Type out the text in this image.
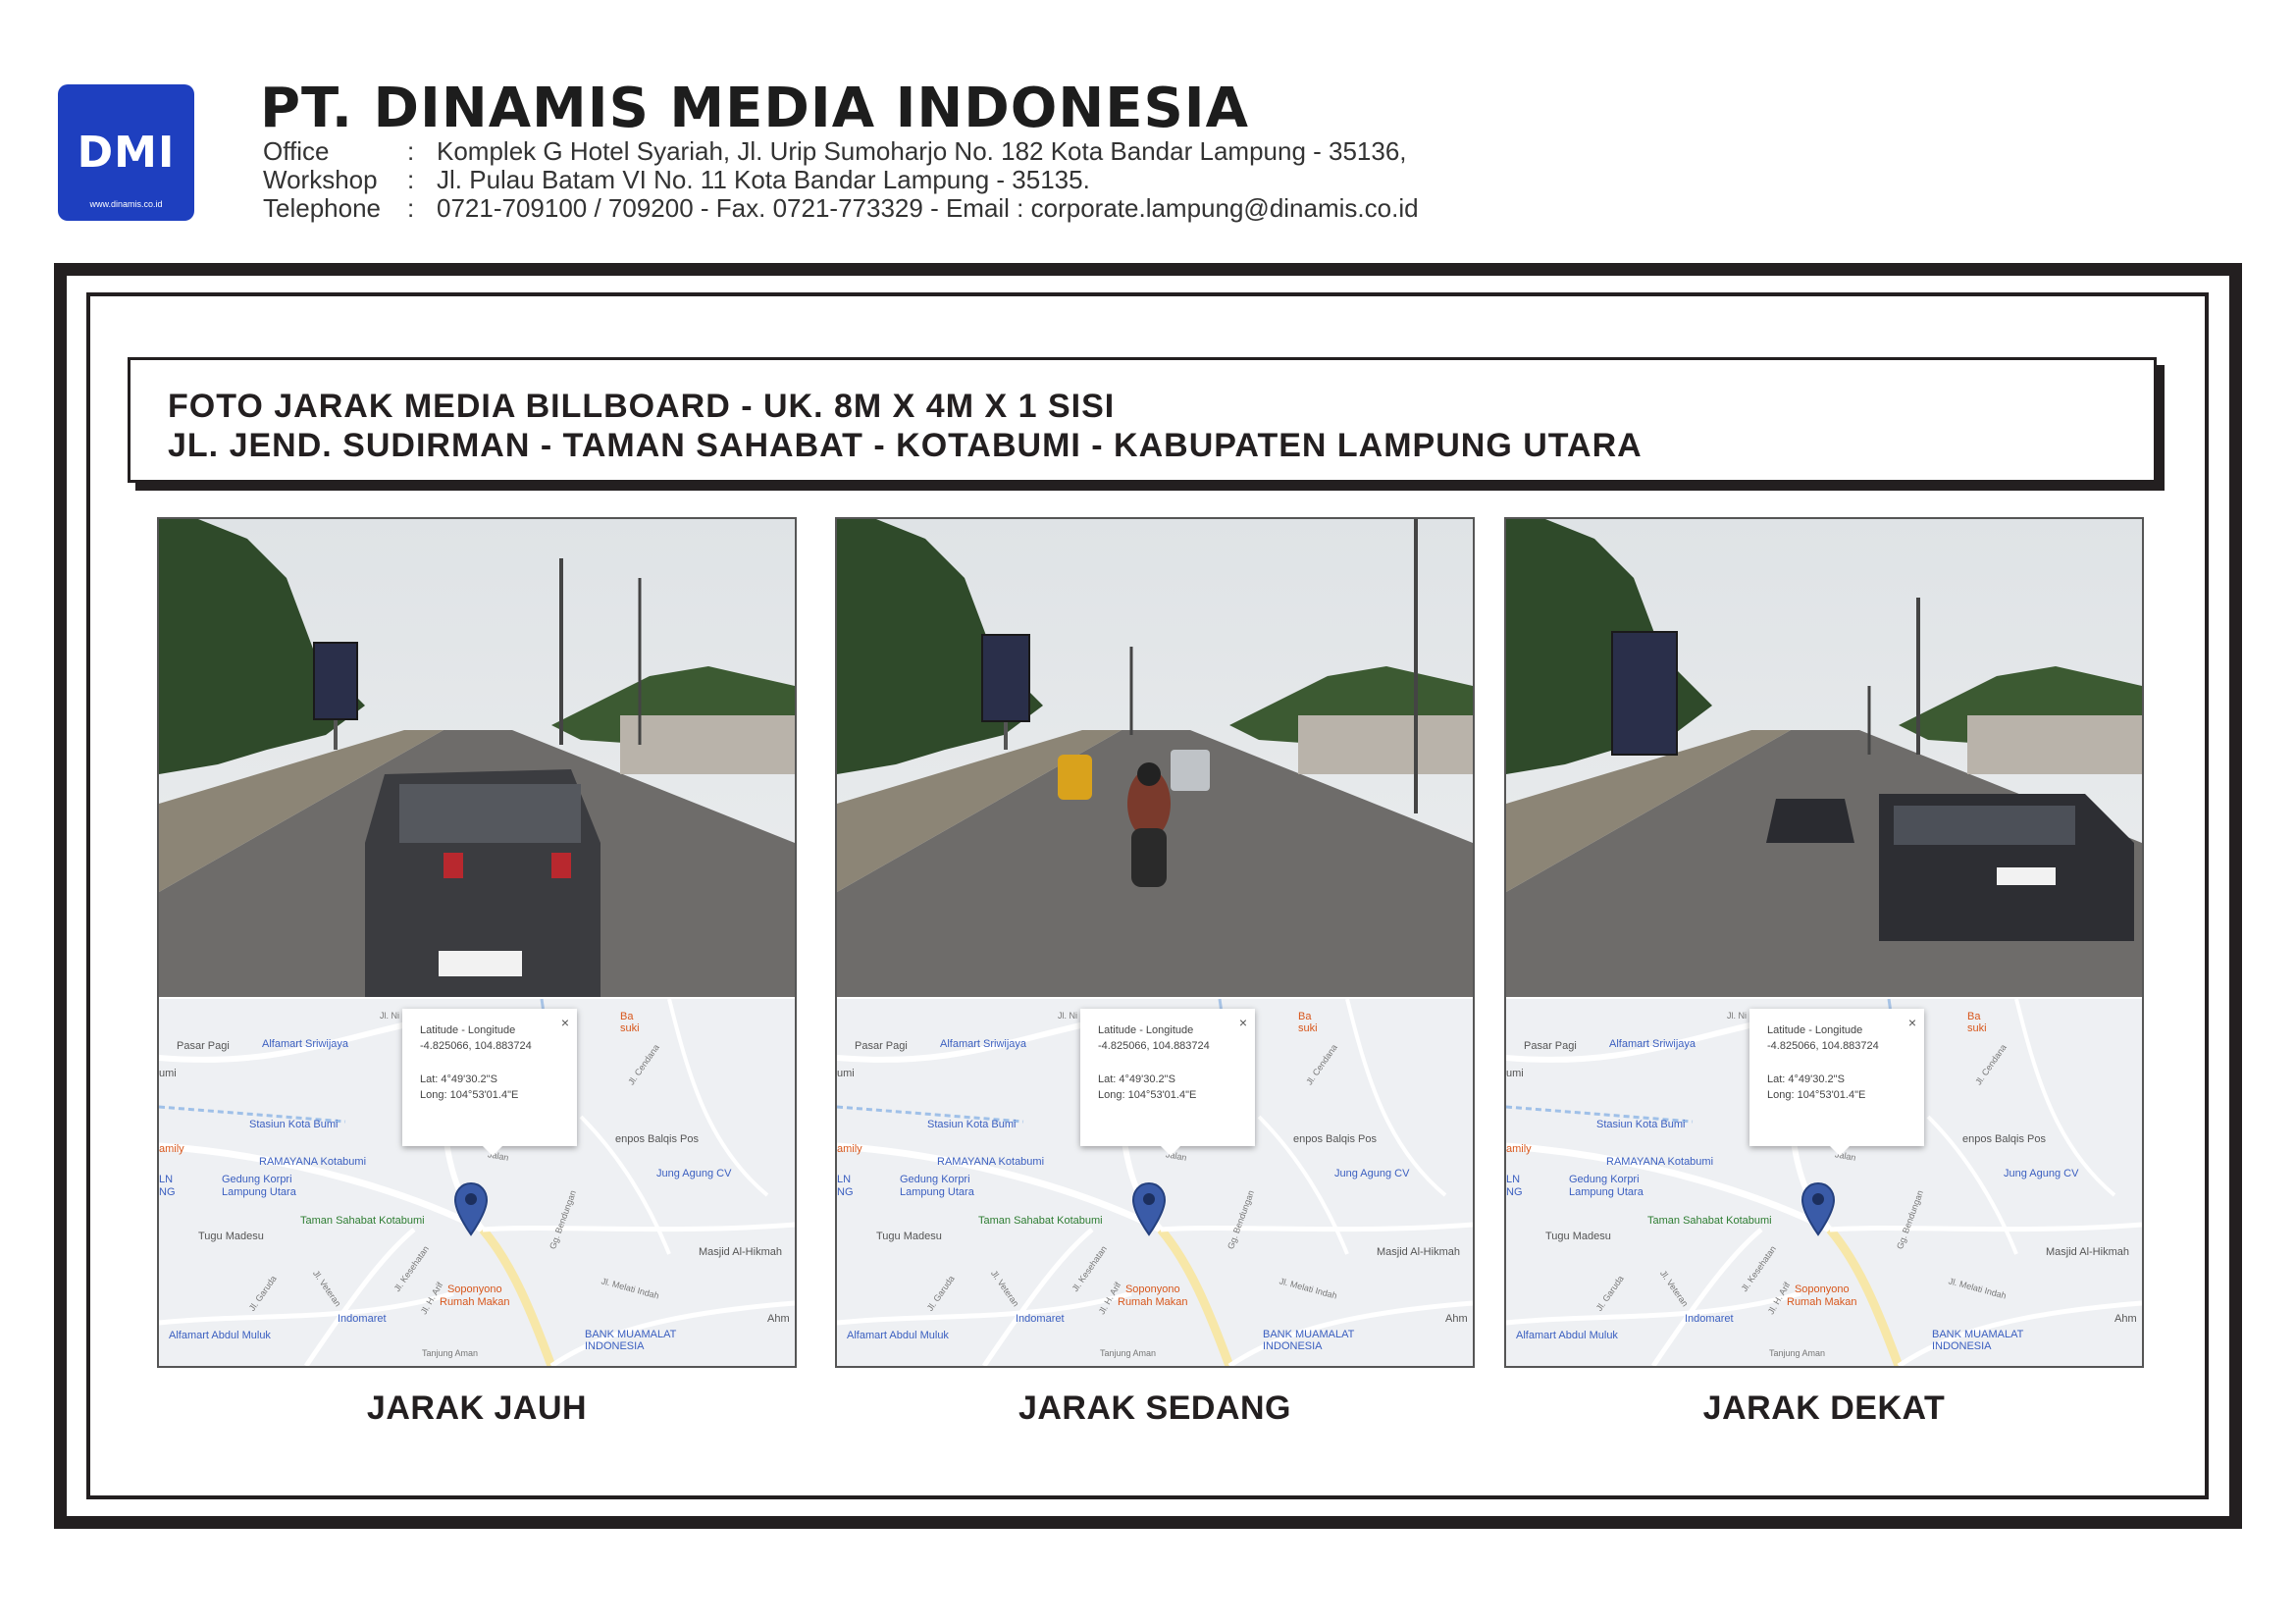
DMI
www.dinamis.co.id
PT. DINAMIS MEDIA INDONESIA
Office	: Komplek G Hotel Syariah, Jl. Urip Sumoharjo No. 182 Kota Bandar Lampung - 35136,
Workshop	: Jl. Pulau Batam VI No. 11 Kota Bandar Lampung - 35135.
Telephone	: 0721-709100 / 709200 - Fax. 0721-773329 - Email : corporate.lampung@dinamis.co.id
FOTO JARAK MEDIA BILLBOARD - UK. 8M X 4M X 1 SISI
JL. JEND. SUDIRMAN - TAMAN SAHABAT - KOTABUMI - KABUPATEN LAMPUNG UTARA
Pasar Pagi	Alfamart Sriwijaya
umi
Stasiun Kota Bumi
amily
RAMAYANA Kotabumi
Gedung Korpri
Lampung Utara
LN
NG
Taman Sahabat Kotabumi
Tugu Madesu
enpos Balqis Pos
Jung Agung CV
Masjid Al-Hikmah
Soponyono
Rumah Makan
Indomaret
Alfamart Abdul Muluk	BANK MUAMALAT
INDONESIA
Ba
suki
Ahm
Jl. Cendana
Jl. Melati Indah
Jl. Kesehatan
Jl. Veteran
Jl. Garuda
Tanjung Aman
Jl. H. Arif
Jalan
Gg. Bendungan
Jl. Ni	×
Latitude - Longitude
-4.825066, 104.883724
Lat: 4°49'30.2"S
Long: 104°53'01.4"E
Pasar Pagi	Alfamart Sriwijaya
umi
Stasiun Kota Bumi
amily
RAMAYANA Kotabumi
Gedung Korpri
Lampung Utara
LN
NG
Taman Sahabat Kotabumi
Tugu Madesu
enpos Balqis Pos
Jung Agung CV
Masjid Al-Hikmah
Soponyono
Rumah Makan
Indomaret
Alfamart Abdul Muluk	BANK MUAMALAT
INDONESIA
Ba
suki
Ahm
Jl. Cendana
Jl. Melati Indah
Jl. Kesehatan
Jl. Veteran
Jl. Garuda
Tanjung Aman
Jl. H. Arif
Jalan
Gg. Bendungan
Jl. Ni	×
Latitude - Longitude
-4.825066, 104.883724
Lat: 4°49'30.2"S
Long: 104°53'01.4"E
Pasar Pagi	Alfamart Sriwijaya
umi
Stasiun Kota Bumi
amily
RAMAYANA Kotabumi
Gedung Korpri
Lampung Utara
LN
NG
Taman Sahabat Kotabumi
Tugu Madesu
enpos Balqis Pos
Jung Agung CV
Masjid Al-Hikmah
Soponyono
Rumah Makan
Indomaret
Alfamart Abdul Muluk	BANK MUAMALAT
INDONESIA
Ba
suki
Ahm
Jl. Cendana
Jl. Melati Indah
Jl. Kesehatan
Jl. Veteran
Jl. Garuda
Tanjung Aman
Jl. H. Arif
Jalan
Gg. Bendungan
Jl. Ni	×
Latitude - Longitude
-4.825066, 104.883724
Lat: 4°49'30.2"S
Long: 104°53'01.4"E
JARAK JAUH	JARAK SEDANG	JARAK DEKAT
